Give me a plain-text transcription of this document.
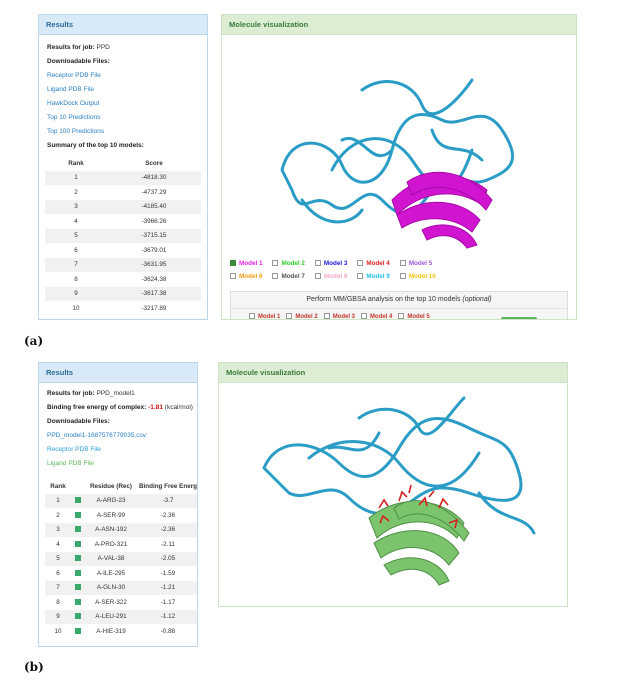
Results
Results for job: PPD
Downloadable Files:
Receptor PDB File
Ligand PDB File
HawkDock Output
Top 10 Predictions
Top 100 Predictions
Summary of the top 10 models:
Rank	Score
1	-4818.30
2	-4737.29
3	-4185.40
4	-3966.26
5	-3715.15
6	-3679.01
7	-3631.95
8	-3624.38
9	-3617.38
10	-3217.89
Molecule visualization
Model 1	Model 2	Model 3	Model 4	Model 5
Model 6	Model 7	Model 8	Model 9	Model 10
Perform MM/GBSA analysis on the top 10 models (optional)
Model 1	Model 2	Model 3	Model 4	Model 5
(a)
Results
Results for job: PPD_model1
Binding free energy of complex: -1.81 (kcal/mol)
Downloadable Files:
PPD_model1-1687576779035.csv
Receptor PDB File
Ligand PDB File
Rank		Residue (Rec)	Binding Free Energ
1		A-ARG-23	-3.7
2		A-SER-99	-2.36
3		A-ASN-192	-2.36
4		A-PRO-321	-2.11
5		A-VAL-38	-2.05
6		A-ILE-295	-1.59
7		A-GLN-30	-1.21
8		A-SER-322	-1.17
9		A-LEU-291	-1.12
10		A-HIE-319	-0.88
Molecule visualization
(b)
